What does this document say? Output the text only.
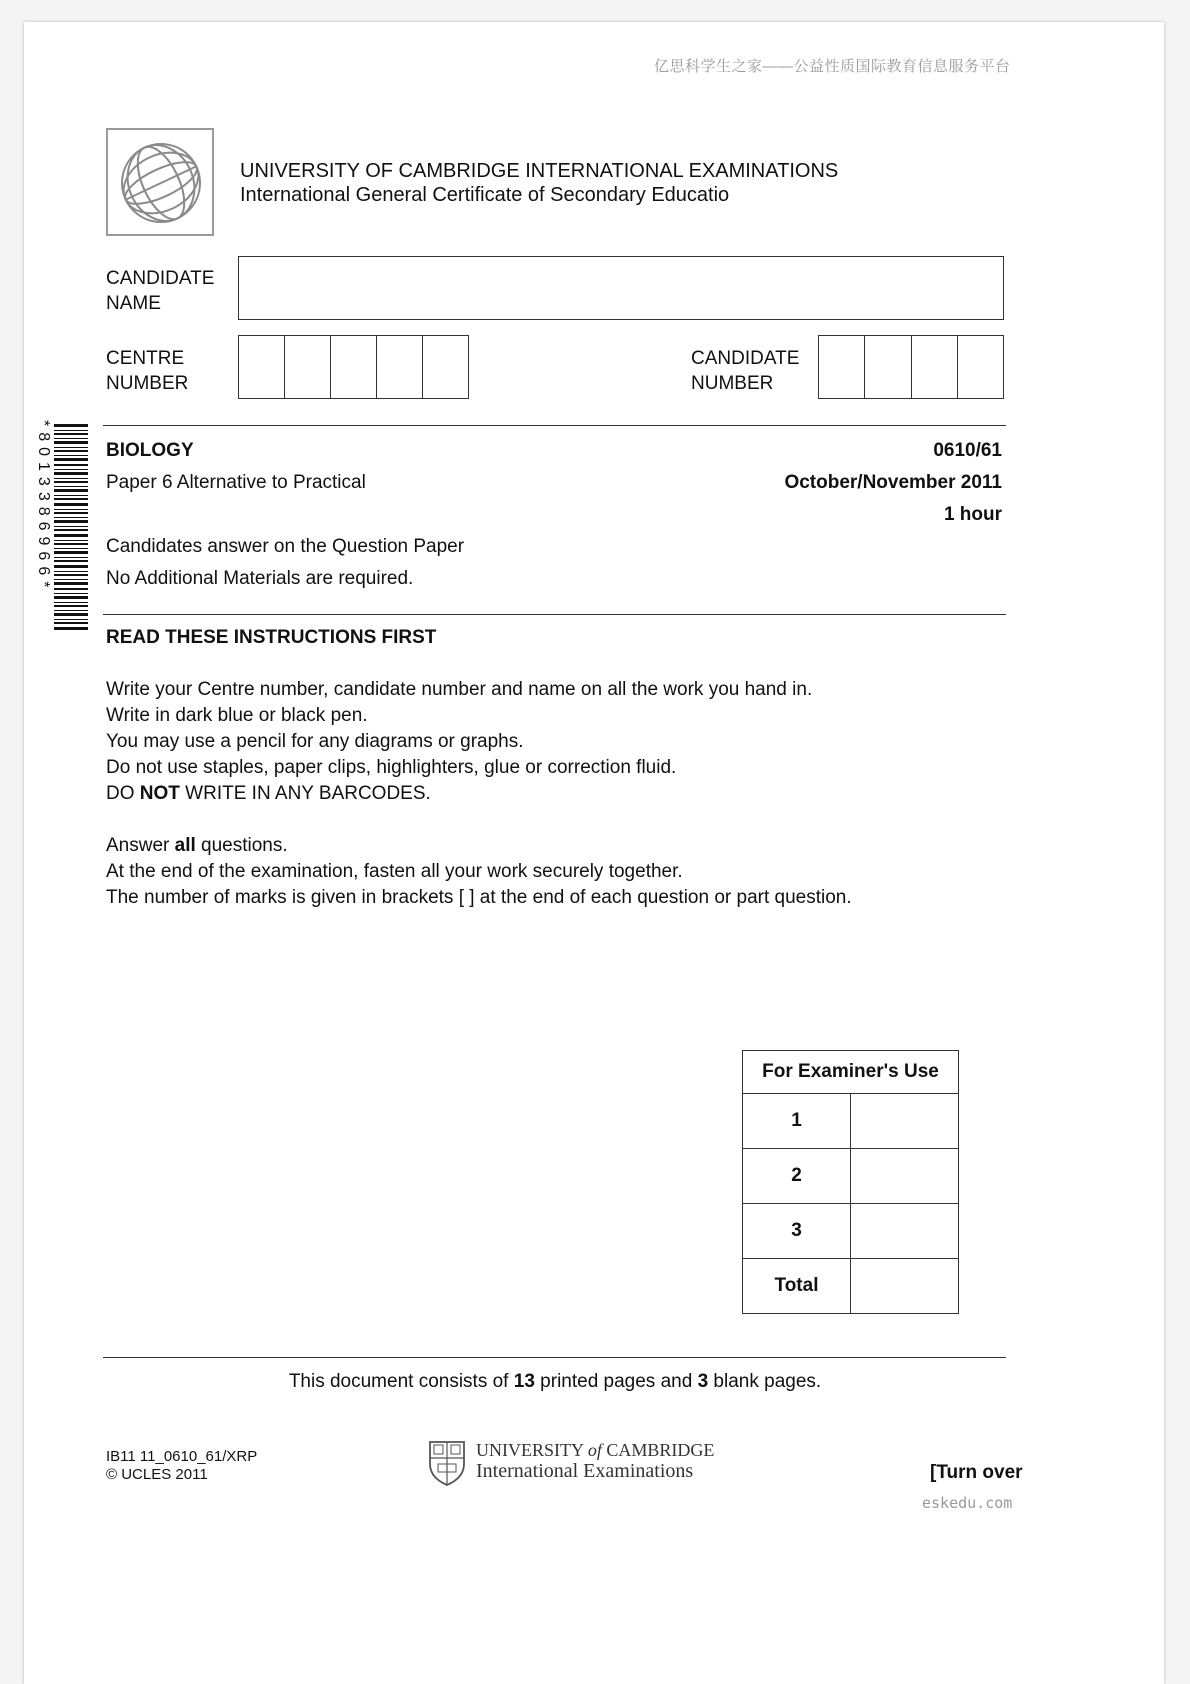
亿思科学生之家——公益性质国际教育信息服务平台
UNIVERSITY OF CAMBRIDGE INTERNATIONAL EXAMINATIONS
International General Certificate of Secondary Educatio
CANDIDATE
NAME
CENTRE
NUMBER
CANDIDATE
NUMBER
*8013386966*	BIOLOGY	0610/61
Paper 6 Alternative to Practical	October/November 2011
1 hour
Candidates answer on the Question Paper
No Additional Materials are required.
READ THESE INSTRUCTIONS FIRST

Write your Centre number, candidate number and name on all the work you hand in.

Write in dark blue or black pen.

You may use a pencil for any diagrams or graphs.

Do not use staples, paper clips, highlighters, glue or correction fluid.

DO NOT WRITE IN ANY BARCODES.

Answer all questions.

At the end of the examination, fasten all your work securely together.

The number of marks is given in brackets [ ] at the end of each question or part question.

For Examiner's Use	
1	
2	
3	
Total	
This document consists of 13 printed pages and 3 blank pages.
IB11 11_0610_61/XRP
© UCLES 2011
UNIVERSITY of CAMBRIDGE
International Examinations	[Turn over
eskedu.com
